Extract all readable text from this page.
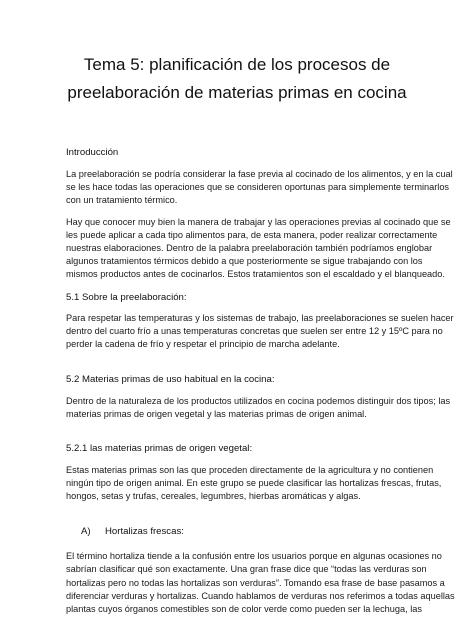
Tema 5: planificación de los procesos de
preelaboración de materias primas en cocina
Introducción

La preelaboración se podría considerar la fase previa al cocinado de los alimentos, y en la cual
se les hace todas las operaciones que se consideren oportunas para simplemente terminarlos
con un tratamiento térmico.

Hay que conocer muy bien la manera de trabajar y las operaciones previas al cocinado que se
les puede aplicar a cada tipo alimentos para, de esta manera, poder realizar correctamente
nuestras elaboraciones. Dentro de la palabra preelaboración también podríamos englobar
algunos tratamientos térmicos debido a que posteriormente se sigue trabajando con los
mismos productos antes de cocinarlos. Estos tratamientos son el escaldado y el blanqueado.

5.1 Sobre la preelaboración:

Para respetar las temperaturas y los sistemas de trabajo, las preelaboraciones se suelen hacer
dentro del cuarto frío a unas temperaturas concretas que suelen ser entre 12 y 15ºC para no
perder la cadena de frío y respetar el principio de marcha adelante.

5.2 Materias primas de uso habitual en la cocina:

Dentro de la naturaleza de los productos utilizados en cocina podemos distinguir dos tipos; las
materias primas de origen vegetal y las materias primas de origen animal.

5.2.1 las materias primas de origen vegetal:

Estas materias primas son las que proceden directamente de la agricultura y no contienen
ningún tipo de origen animal. En este grupo se puede clasificar las hortalizas frescas, frutas,
hongos, setas y trufas, cereales, legumbres, hierbas aromáticas y algas.

A) Hortalizas frescas:

El término hortaliza tiende a la confusión entre los usuarios porque en algunas ocasiones no
sabrían clasificar qué son exactamente. Una gran frase dice que “todas las verduras son
hortalizas pero no todas las hortalizas son verduras”. Tomando esa frase de base pasamos a
diferenciar verduras y hortalizas. Cuando hablamos de verduras nos referimos a todas aquellas
plantas cuyos órganos comestibles son de color verde como pueden ser la lechuga, las
